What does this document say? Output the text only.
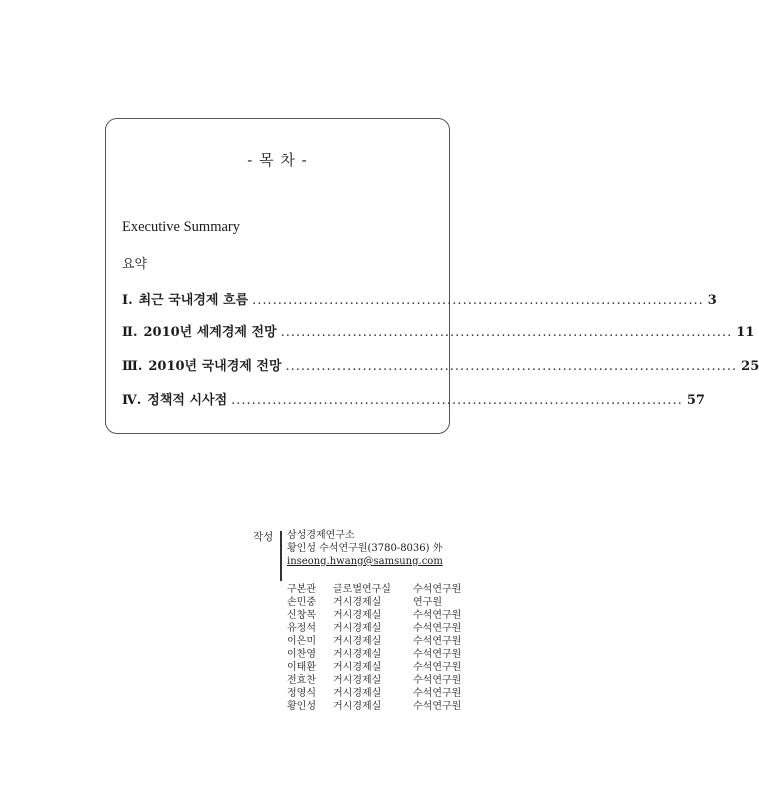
- 목 차 -
Executive Summary
요약
Ⅰ. 최근 국내경제 흐름 ........................................................................................ 3
Ⅱ. 2010년 세계경제 전망 ........................................................................................ 11
Ⅲ. 2010년 국내경제 전망 ........................................................................................ 25
Ⅳ. 정책적 시사점 ........................................................................................ 57
작성 삼성경제연구소
황인성 수석연구원(3780-8036) 外
inseong.hwang@samsung.com
구본관	글로벌연구실	수석연구원
손민중	거시경제실	연구원
신창목	거시경제실	수석연구원
유정석	거시경제실	수석연구원
이은미	거시경제실	수석연구원
이찬영	거시경제실	수석연구원
이태환	거시경제실	수석연구원
전효찬	거시경제실	수석연구원
정영식	거시경제실	수석연구원
황인성	거시경제실	수석연구원
